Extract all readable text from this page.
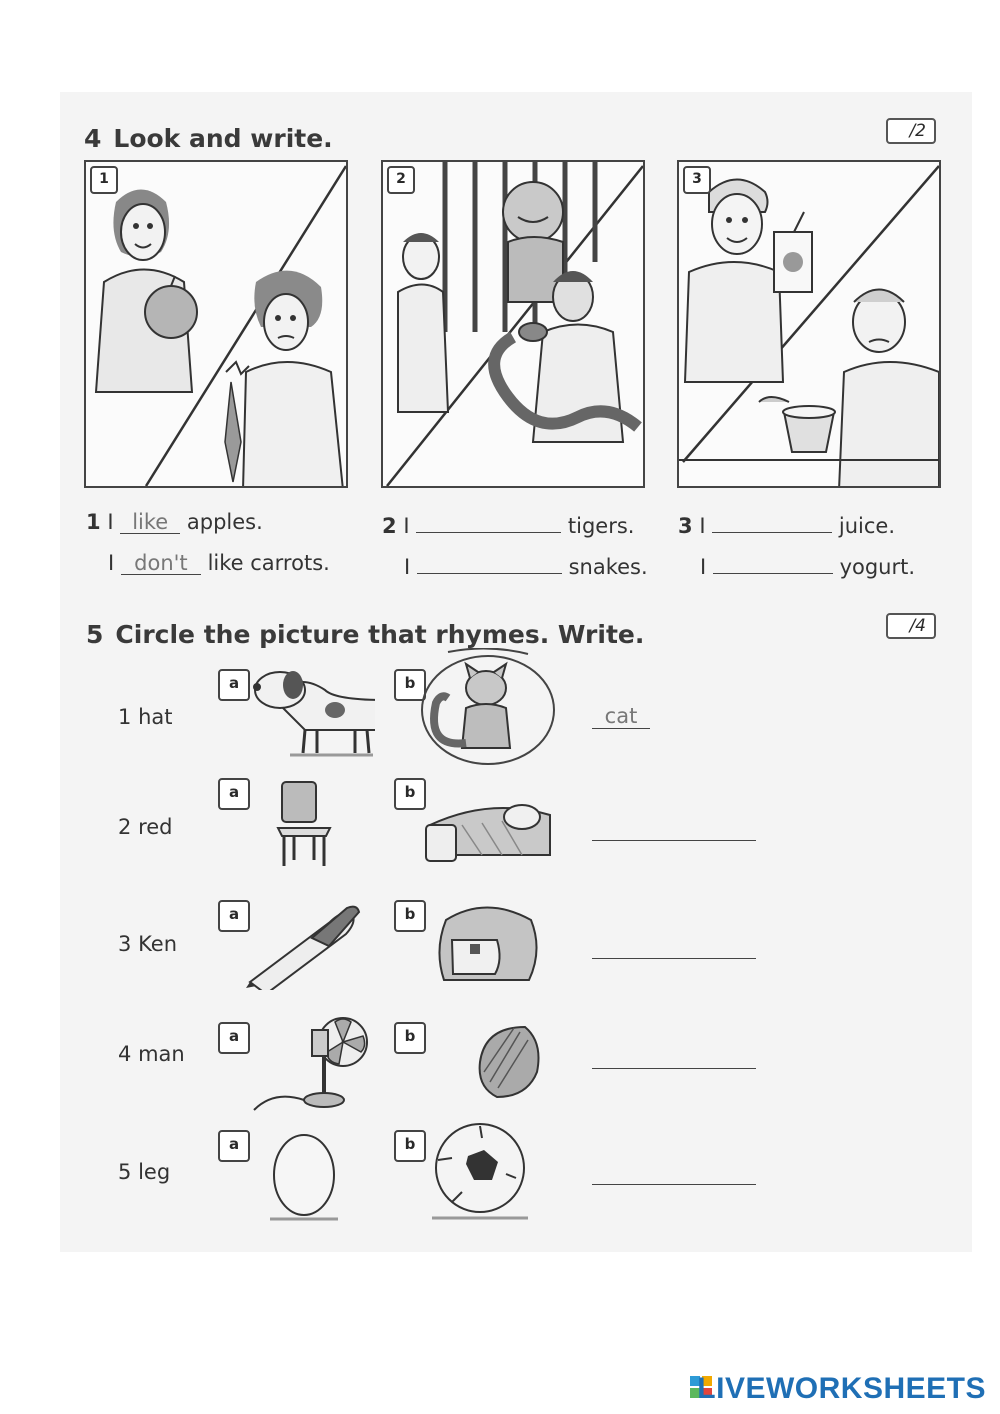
4 Look and write.	/2
1	2	3
1 I like apples.
I don't like carrots.
2 I	tigers.
I	snakes.
3 I	juice.
I	yogurt.
5 Circle the picture that rhymes. Write.	/4
1 hat
a	b
cat
2 red
a	b
3 Ken
a	b
4 man
a	b
5 leg
a	b
LIVEWORKSHEETS
